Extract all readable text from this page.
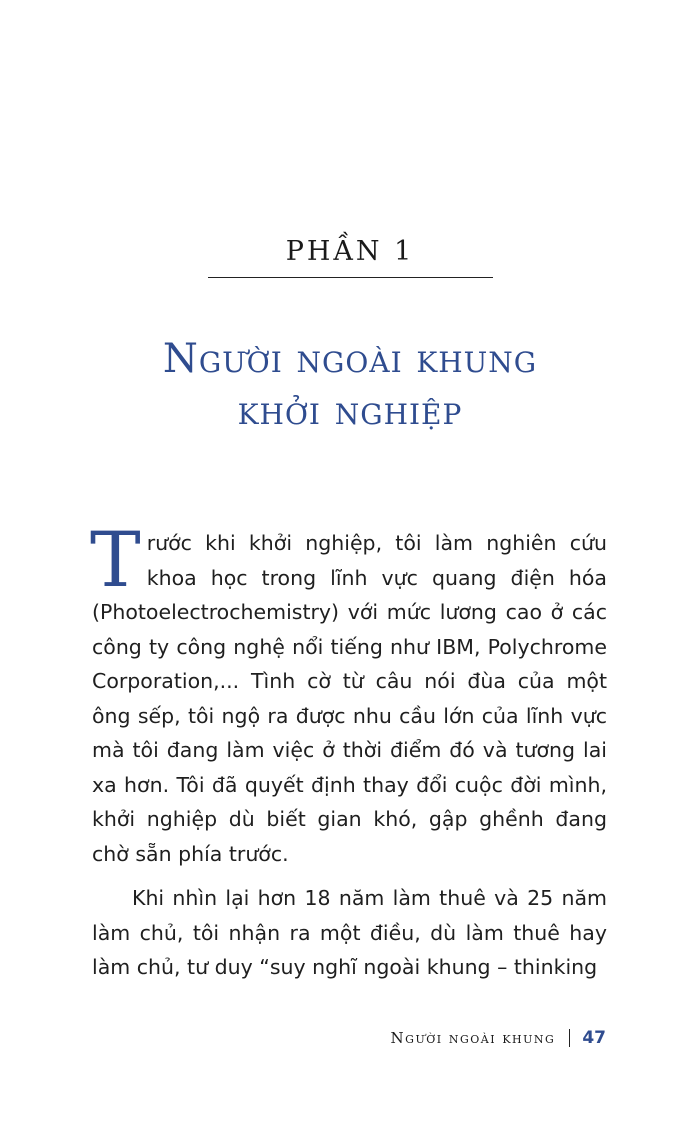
PHẦN 1
Người ngoài khung
khởi nghiệp

Trước khi khởi nghiệp, tôi làm nghiên cứu khoa học trong lĩnh vực quang điện hóa (Photoelectrochemistry) với mức lương cao ở các công ty công nghệ nổi tiếng như IBM, Polychrome Corporation,... Tình cờ từ câu nói đùa của một ông sếp, tôi ngộ ra được nhu cầu lớn của lĩnh vực mà tôi đang làm việc ở thời điểm đó và tương lai xa hơn. Tôi đã quyết định thay đổi cuộc đời mình, khởi nghiệp dù biết gian khó, gập ghềnh đang chờ sẵn phía trước.

Khi nhìn lại hơn 18 năm làm thuê và 25 năm làm chủ, tôi nhận ra một điều, dù làm thuê hay làm chủ, tư duy “suy nghĩ ngoài khung – thinking

Người ngoài khung 47
